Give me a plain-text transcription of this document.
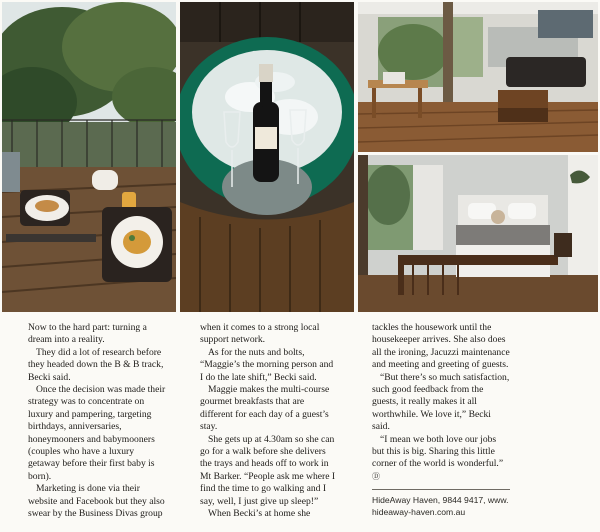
Now to the hard part: turning a dream into a reality.

They did a lot of research before they headed down the B & B track, Becki said.

Once the decision was made their strategy was to concentrate on luxury and pampering, targeting birthdays, anniversaries, honeymooners and babymooners (couples who have a luxury getaway before their first baby is born).

Marketing is done via their website and Facebook but they also swear by the Business Divas group

when it comes to a strong local support network.

As for the nuts and bolts, “Maggie’s the morning person and I do the late shift,” Becki said.

Maggie makes the multi-course gourmet breakfasts that are different for each day of a guest’s stay.

She gets up at 4.30am so she can go for a walk before she delivers the trays and heads off to work in Mt Barker. “People ask me where I find the time to go walking and I say, well, I just give up sleep!”

When Becki’s at home she

tackles the housework until the housekeeper arrives. She also does all the ironing, Jacuzzi maintenance and meeting and greeting of guests.

“But there’s so much satisfaction, such good feedback from the guests, it really makes it all worthwhile. We love it,” Becki said.

“I mean we both love our jobs but this is big. Sharing this little corner of the world is wonderful.” Ⓓ

HideAway Haven, 9844 9417, www. hideaway-haven.com.au
